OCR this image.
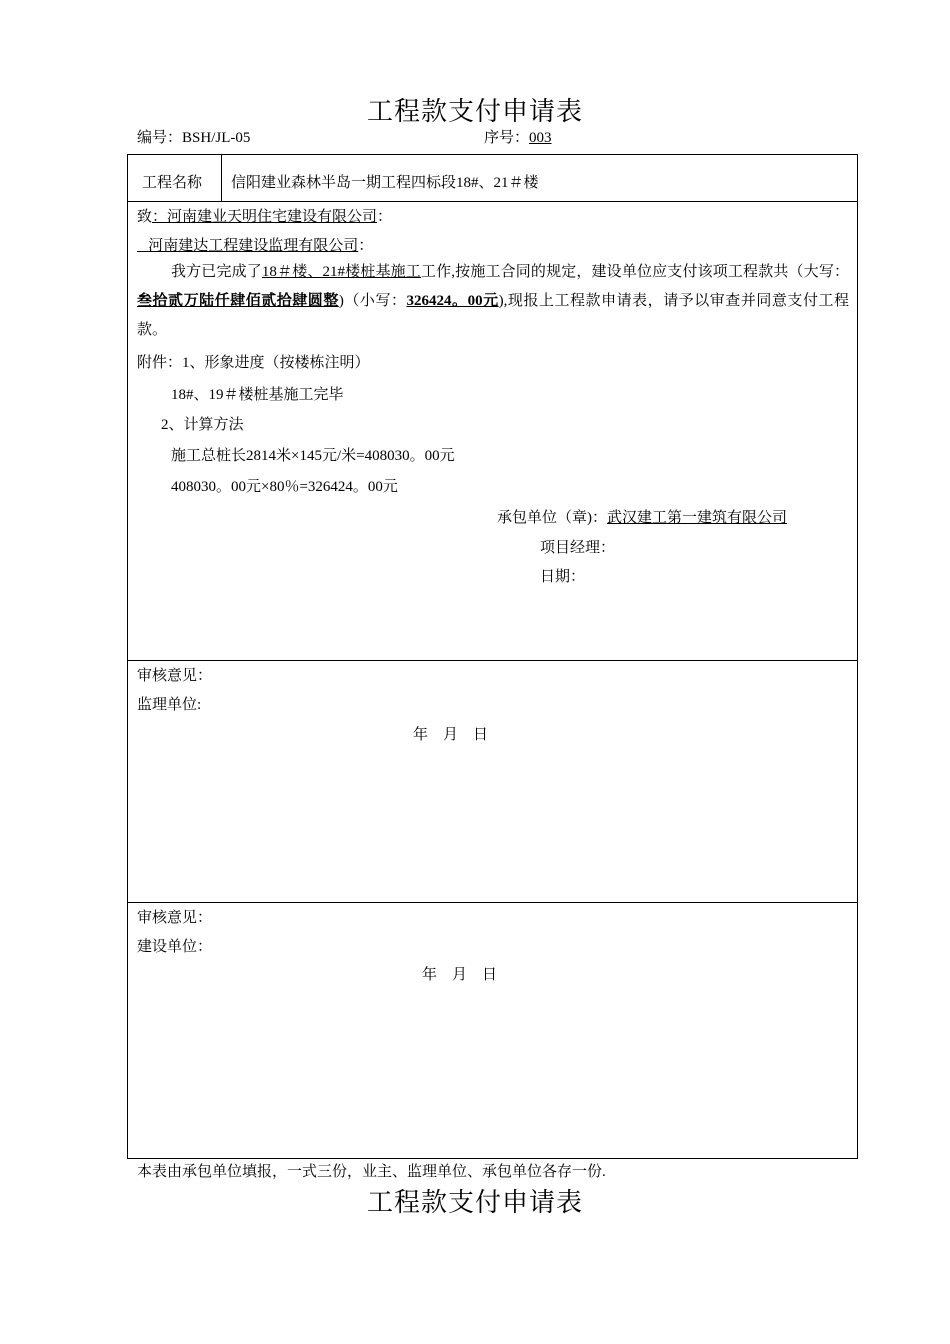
工程款支付申请表
编号：BSH/JL-05	序号：003
工程名称 信阳建业森林半岛一期工程四标段18#、21＃楼
致：河南建业天明住宅建设有限公司：
河南建达工程建设监理有限公司：
我方已完成了18＃楼、21#楼桩基施工工作,按施工合同的规定，建设单位应支付该项工程款共（大写：叁拾贰万陆仟肆佰贰拾肆圆整)（小写：326424。00元),现报上工程款申请表，请予以审查并同意支付工程款。
附件：1、形象进度（按楼栋注明）
18#、19＃楼桩基施工完毕
2、计算方法
施工总桩长2814米×145元/米=408030。00元
408030。00元×80％=326424。00元
承包单位（章)：武汉建工第一建筑有限公司
项目经理：
日期：
审核意见：
监理单位:
年　月　日
审核意见：
建设单位：
年　月　日
本表由承包单位填报，一式三份，业主、监理单位、承包单位各存一份.
工程款支付申请表
